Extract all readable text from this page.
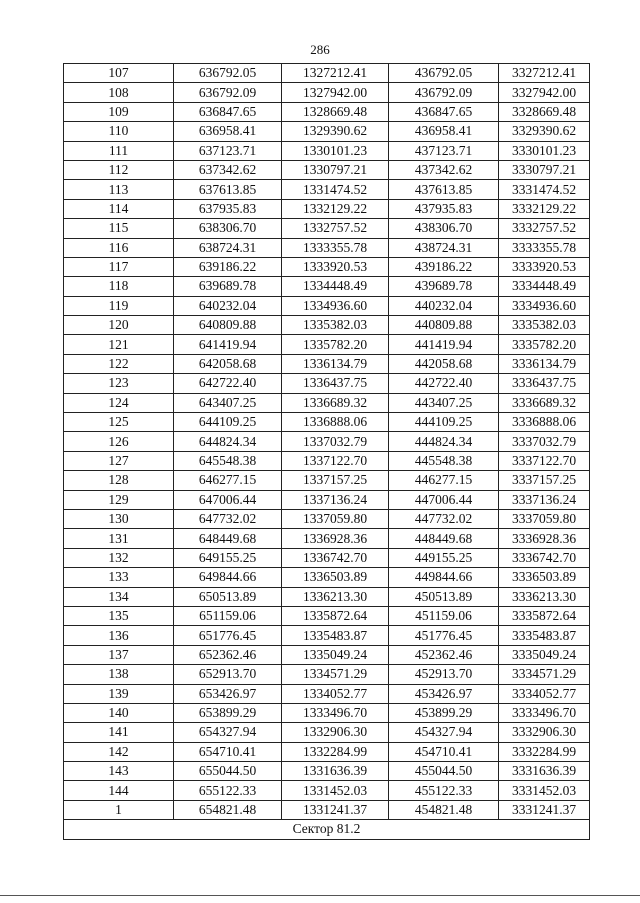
286
107	636792.05	1327212.41	436792.05	3327212.41
108	636792.09	1327942.00	436792.09	3327942.00
109	636847.65	1328669.48	436847.65	3328669.48
110	636958.41	1329390.62	436958.41	3329390.62
111	637123.71	1330101.23	437123.71	3330101.23
112	637342.62	1330797.21	437342.62	3330797.21
113	637613.85	1331474.52	437613.85	3331474.52
114	637935.83	1332129.22	437935.83	3332129.22
115	638306.70	1332757.52	438306.70	3332757.52
116	638724.31	1333355.78	438724.31	3333355.78
117	639186.22	1333920.53	439186.22	3333920.53
118	639689.78	1334448.49	439689.78	3334448.49
119	640232.04	1334936.60	440232.04	3334936.60
120	640809.88	1335382.03	440809.88	3335382.03
121	641419.94	1335782.20	441419.94	3335782.20
122	642058.68	1336134.79	442058.68	3336134.79
123	642722.40	1336437.75	442722.40	3336437.75
124	643407.25	1336689.32	443407.25	3336689.32
125	644109.25	1336888.06	444109.25	3336888.06
126	644824.34	1337032.79	444824.34	3337032.79
127	645548.38	1337122.70	445548.38	3337122.70
128	646277.15	1337157.25	446277.15	3337157.25
129	647006.44	1337136.24	447006.44	3337136.24
130	647732.02	1337059.80	447732.02	3337059.80
131	648449.68	1336928.36	448449.68	3336928.36
132	649155.25	1336742.70	449155.25	3336742.70
133	649844.66	1336503.89	449844.66	3336503.89
134	650513.89	1336213.30	450513.89	3336213.30
135	651159.06	1335872.64	451159.06	3335872.64
136	651776.45	1335483.87	451776.45	3335483.87
137	652362.46	1335049.24	452362.46	3335049.24
138	652913.70	1334571.29	452913.70	3334571.29
139	653426.97	1334052.77	453426.97	3334052.77
140	653899.29	1333496.70	453899.29	3333496.70
141	654327.94	1332906.30	454327.94	3332906.30
142	654710.41	1332284.99	454710.41	3332284.99
143	655044.50	1331636.39	455044.50	3331636.39
144	655122.33	1331452.03	455122.33	3331452.03
1	654821.48	1331241.37	454821.48	3331241.37
Сектор 81.2				
